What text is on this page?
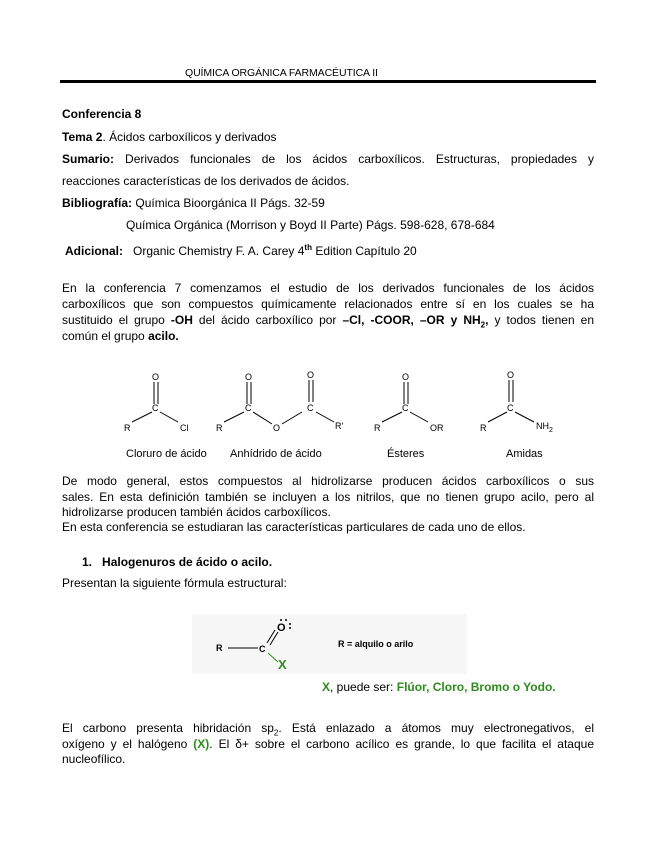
QUÍMICA ORGÁNICA FARMACÉUTICA II
Conferencia 8
Tema 2. Ácidos carboxílicos y derivados
Sumario: Derivados funcionales de los ácidos carboxílicos. Estructuras, propiedades y
reacciones características de los derivados de ácidos.
Bibliografía: Química Bioorgánica II Págs. 32-59
Química Orgánica (Morrison y Boyd II Parte) Págs. 598-628, 678-684
Adicional: Organic Chemistry F. A. Carey 4th Edition Capítulo 20
En la conferencia 7 comenzamos el estudio de los derivados funcionales de los ácidos
carboxílicos que son compuestos químicamente relacionados entre sí en los cuales se ha
sustituido el grupo -OH del ácido carboxílico por –Cl, -COOR, –OR y $NH_2$, y todos tienen en
común el grupo acilo.
O
C
R	Cl
O
C
R	O
O
C
R'
O
C
R	OR
O
C
R	$NH_2$
Cloruro de ácido Anhídrido de ácido	Ésteres	Amidas
De modo general, estos compuestos al hidrolizarse producen ácidos carboxílicos o sus
sales. En esta definición también se incluyen a los nitrilos, que no tienen grupo acilo, pero al
hidrolizarse producen también ácidos carboxílicos.
En esta conferencia se estudiaran las características particulares de cada uno de ellos.
1. Halogenuros de ácido o acilo.
Presentan la siguiente fórmula estructural:
R	C
O
R = alquilo o arilo
X
X, puede ser: Flúor, Cloro, Bromo o Yodo.
El carbono presenta hibridación $sp_2$. Está enlazado a átomos muy electronegativos, el
oxígeno y el halógeno (X). El δ+ sobre el carbono acílico es grande, lo que facilita el ataque
nucleofílico.
